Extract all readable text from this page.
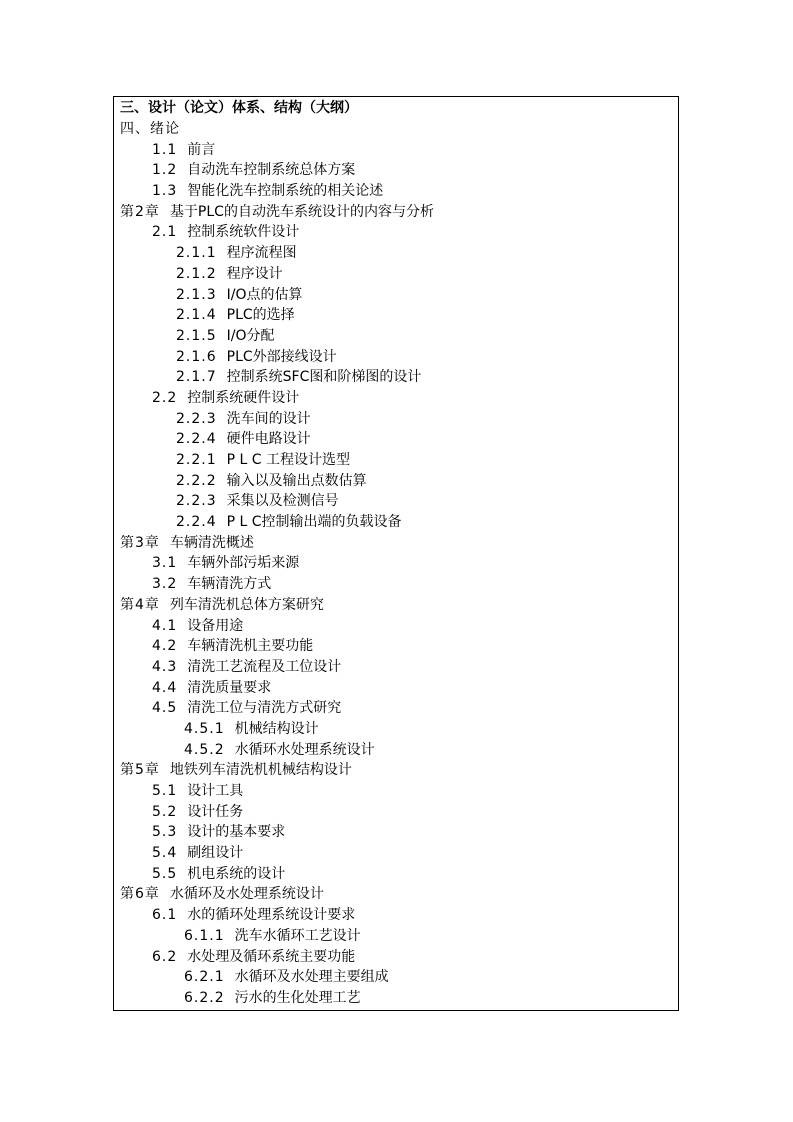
三、设计（论文）体系、结构（大纲）
四、绪论
1.1 前言
1.2 自动洗车控制系统总体方案
1.3 智能化洗车控制系统的相关论述
第2章 基于PLC的自动洗车系统设计的内容与分析
2.1 控制系统软件设计
2.1.1 程序流程图
2.1.2 程序设计
2.1.3 I/O点的估算
2.1.4 PLC的选择
2.1.5 I/O分配
2.1.6 PLC外部接线设计
2.1.7 控制系统SFC图和阶梯图的设计
2.2 控制系统硬件设计
2.2.3 洗车间的设计
2.2.4 硬件电路设计
2.2.1 P L C 工程设计选型
2.2.2 输入以及输出点数估算
2.2.3 采集以及检测信号
2.2.4 P L C控制输出端的负载设备
第3章 车辆清洗概述
3.1 车辆外部污垢来源
3.2 车辆清洗方式
第4章 列车清洗机总体方案研究
4.1 设备用途
4.2 车辆清洗机主要功能
4.3 清洗工艺流程及工位设计
4.4 清洗质量要求
4.5 清洗工位与清洗方式研究
4.5.1 机械结构设计
4.5.2 水循环水处理系统设计
第5章 地铁列车清洗机机械结构设计
5.1 设计工具
5.2 设计任务
5.3 设计的基本要求
5.4 刷组设计
5.5 机电系统的设计
第6章 水循环及水处理系统设计
6.1 水的循环处理系统设计要求
6.1.1 洗车水循环工艺设计
6.2 水处理及循环系统主要功能
6.2.1 水循环及水处理主要组成
6.2.2 污水的生化处理工艺
